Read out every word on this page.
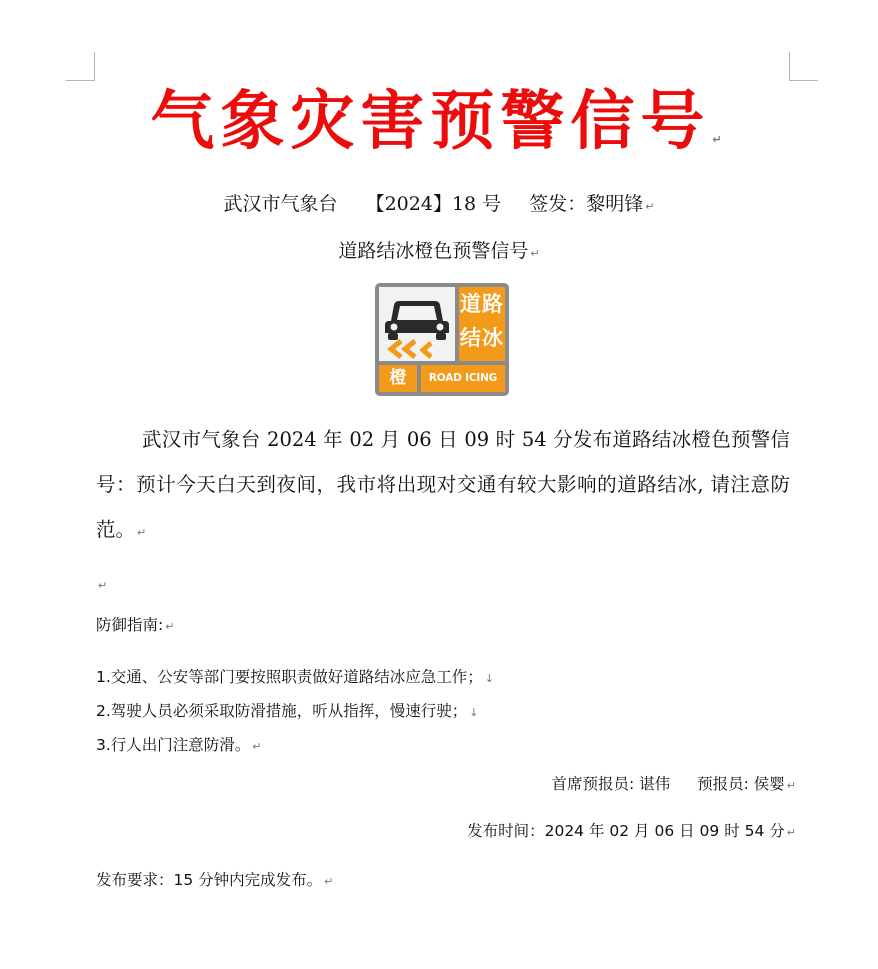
气象灾害预警信号 ↵
武汉市气象台 【2024】18 号 签发：黎明锋 ↵
道路结冰橙色预警信号 ↵
道路结冰
橙	ROAD ICING
武汉市气象台 2024 年 02 月 06 日 09 时 54 分发布道路结冰橙色预警信号：预计今天白天到夜间，我市将出现对交通有较大影响的道路结冰, 请注意防范。 ↵
↵
防御指南: ↵
1.交通、公安等部门要按照职责做好道路结冰应急工作； ↓
2.驾驶人员必须采取防滑措施，听从指挥，慢速行驶； ↓
3.行人出门注意防滑。 ↵
首席预报员: 谌伟 预报员: 侯婴 ↵
发布时间：2024 年 02 月 06 日 09 时 54 分 ↵
发布要求：15 分钟内完成发布。 ↵
